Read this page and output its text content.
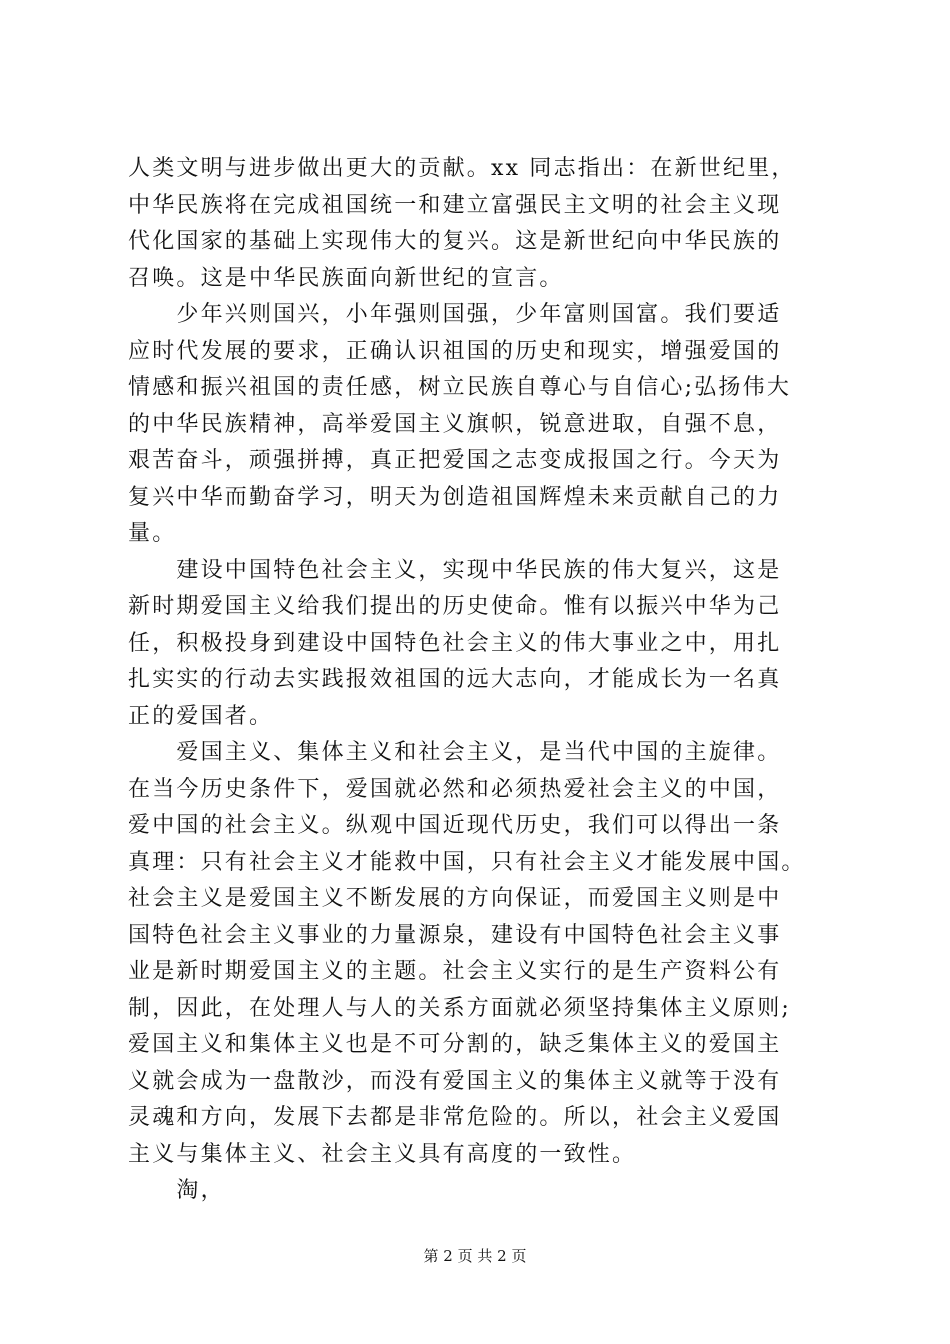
人类文明与进步做出更大的贡献。xx 同志指出：在新世纪里，
中华民族将在完成祖国统一和建立富强民主文明的社会主义现
代化国家的基础上实现伟大的复兴。这是新世纪向中华民族的
召唤。这是中华民族面向新世纪的宣言。
　　少年兴则国兴，小年强则国强，少年富则国富。我们要适
应时代发展的要求，正确认识祖国的历史和现实，增强爱国的
情感和振兴祖国的责任感，树立民族自尊心与自信心;弘扬伟大
的中华民族精神，高举爱国主义旗帜，锐意进取，自强不息，
艰苦奋斗，顽强拼搏，真正把爱国之志变成报国之行。今天为
复兴中华而勤奋学习，明天为创造祖国辉煌未来贡献自己的力
量。
　　建设中国特色社会主义，实现中华民族的伟大复兴，这是
新时期爱国主义给我们提出的历史使命。惟有以振兴中华为己
任，积极投身到建设中国特色社会主义的伟大事业之中，用扎
扎实实的行动去实践报效祖国的远大志向，才能成长为一名真
正的爱国者。
　　爱国主义、集体主义和社会主义，是当代中国的主旋律。
在当今历史条件下，爱国就必然和必须热爱社会主义的中国，
爱中国的社会主义。纵观中国近现代历史，我们可以得出一条
真理：只有社会主义才能救中国，只有社会主义才能发展中国。
社会主义是爱国主义不断发展的方向保证，而爱国主义则是中
国特色社会主义事业的力量源泉，建设有中国特色社会主义事
业是新时期爱国主义的主题。社会主义实行的是生产资料公有
制，因此，在处理人与人的关系方面就必须坚持集体主义原则;
爱国主义和集体主义也是不可分割的，缺乏集体主义的爱国主
义就会成为一盘散沙，而没有爱国主义的集体主义就等于没有
灵魂和方向，发展下去都是非常危险的。所以，社会主义爱国
主义与集体主义、社会主义具有高度的一致性。
　　淘，
第 2 页 共 2 页
